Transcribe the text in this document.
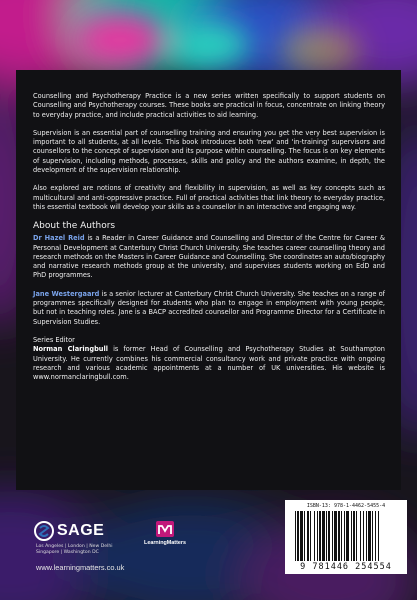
Counselling and Psychotherapy Practice is a new series written specifically to support students on Counselling and Psychotherapy courses. These books are practical in focus, concentrate on linking theory to everyday practice, and include practical activities to aid learning.

Supervision is an essential part of counselling training and ensuring you get the very best supervision is important to all students, at all levels. This book introduces both 'new' and 'in-training' supervisors and counsellors to the concept of supervision and its purpose within counselling. The focus is on key elements of supervision, including methods, processes, skills and policy and the authors examine, in depth, the development of the supervision relationship.

Also explored are notions of creativity and flexibility in supervision, as well as key concepts such as multicultural and anti-oppressive practice. Full of practical activities that link theory to everyday practice, this essential textbook will develop your skills as a counsellor in an interactive and engaging way.

About the Authors

Dr Hazel Reid is a Reader in Career Guidance and Counselling and Director of the Centre for Career & Personal Development at Canterbury Christ Church University. She teaches career counselling theory and research methods on the Masters in Career Guidance and Counselling. She coordinates an auto/biography and narrative research methods group at the university, and supervises students working on EdD and PhD programmes.

Jane Westergaard is a senior lecturer at Canterbury Christ Church University. She teaches on a range of programmes specifically designed for students who plan to engage in employment with young people, but not in teaching roles. Jane is a BACP accredited counsellor and Programme Director for a Certificate in Supervision Studies.

Series Editor

Norman Claringbull is former Head of Counselling and Psychotherapy Studies at Southampton University. He currently combines his commercial consultancy work and private practice with ongoing research and various academic appointments at a number of UK universities. His website is www.normanclaringbull.com.

SAGE
Los Angeles | London | New Delhi Singapore | Washington DC
LearningMatters
www.learningmatters.co.uk
ISBN-13: 978-1-4462-5455-4
9 781446 254554
